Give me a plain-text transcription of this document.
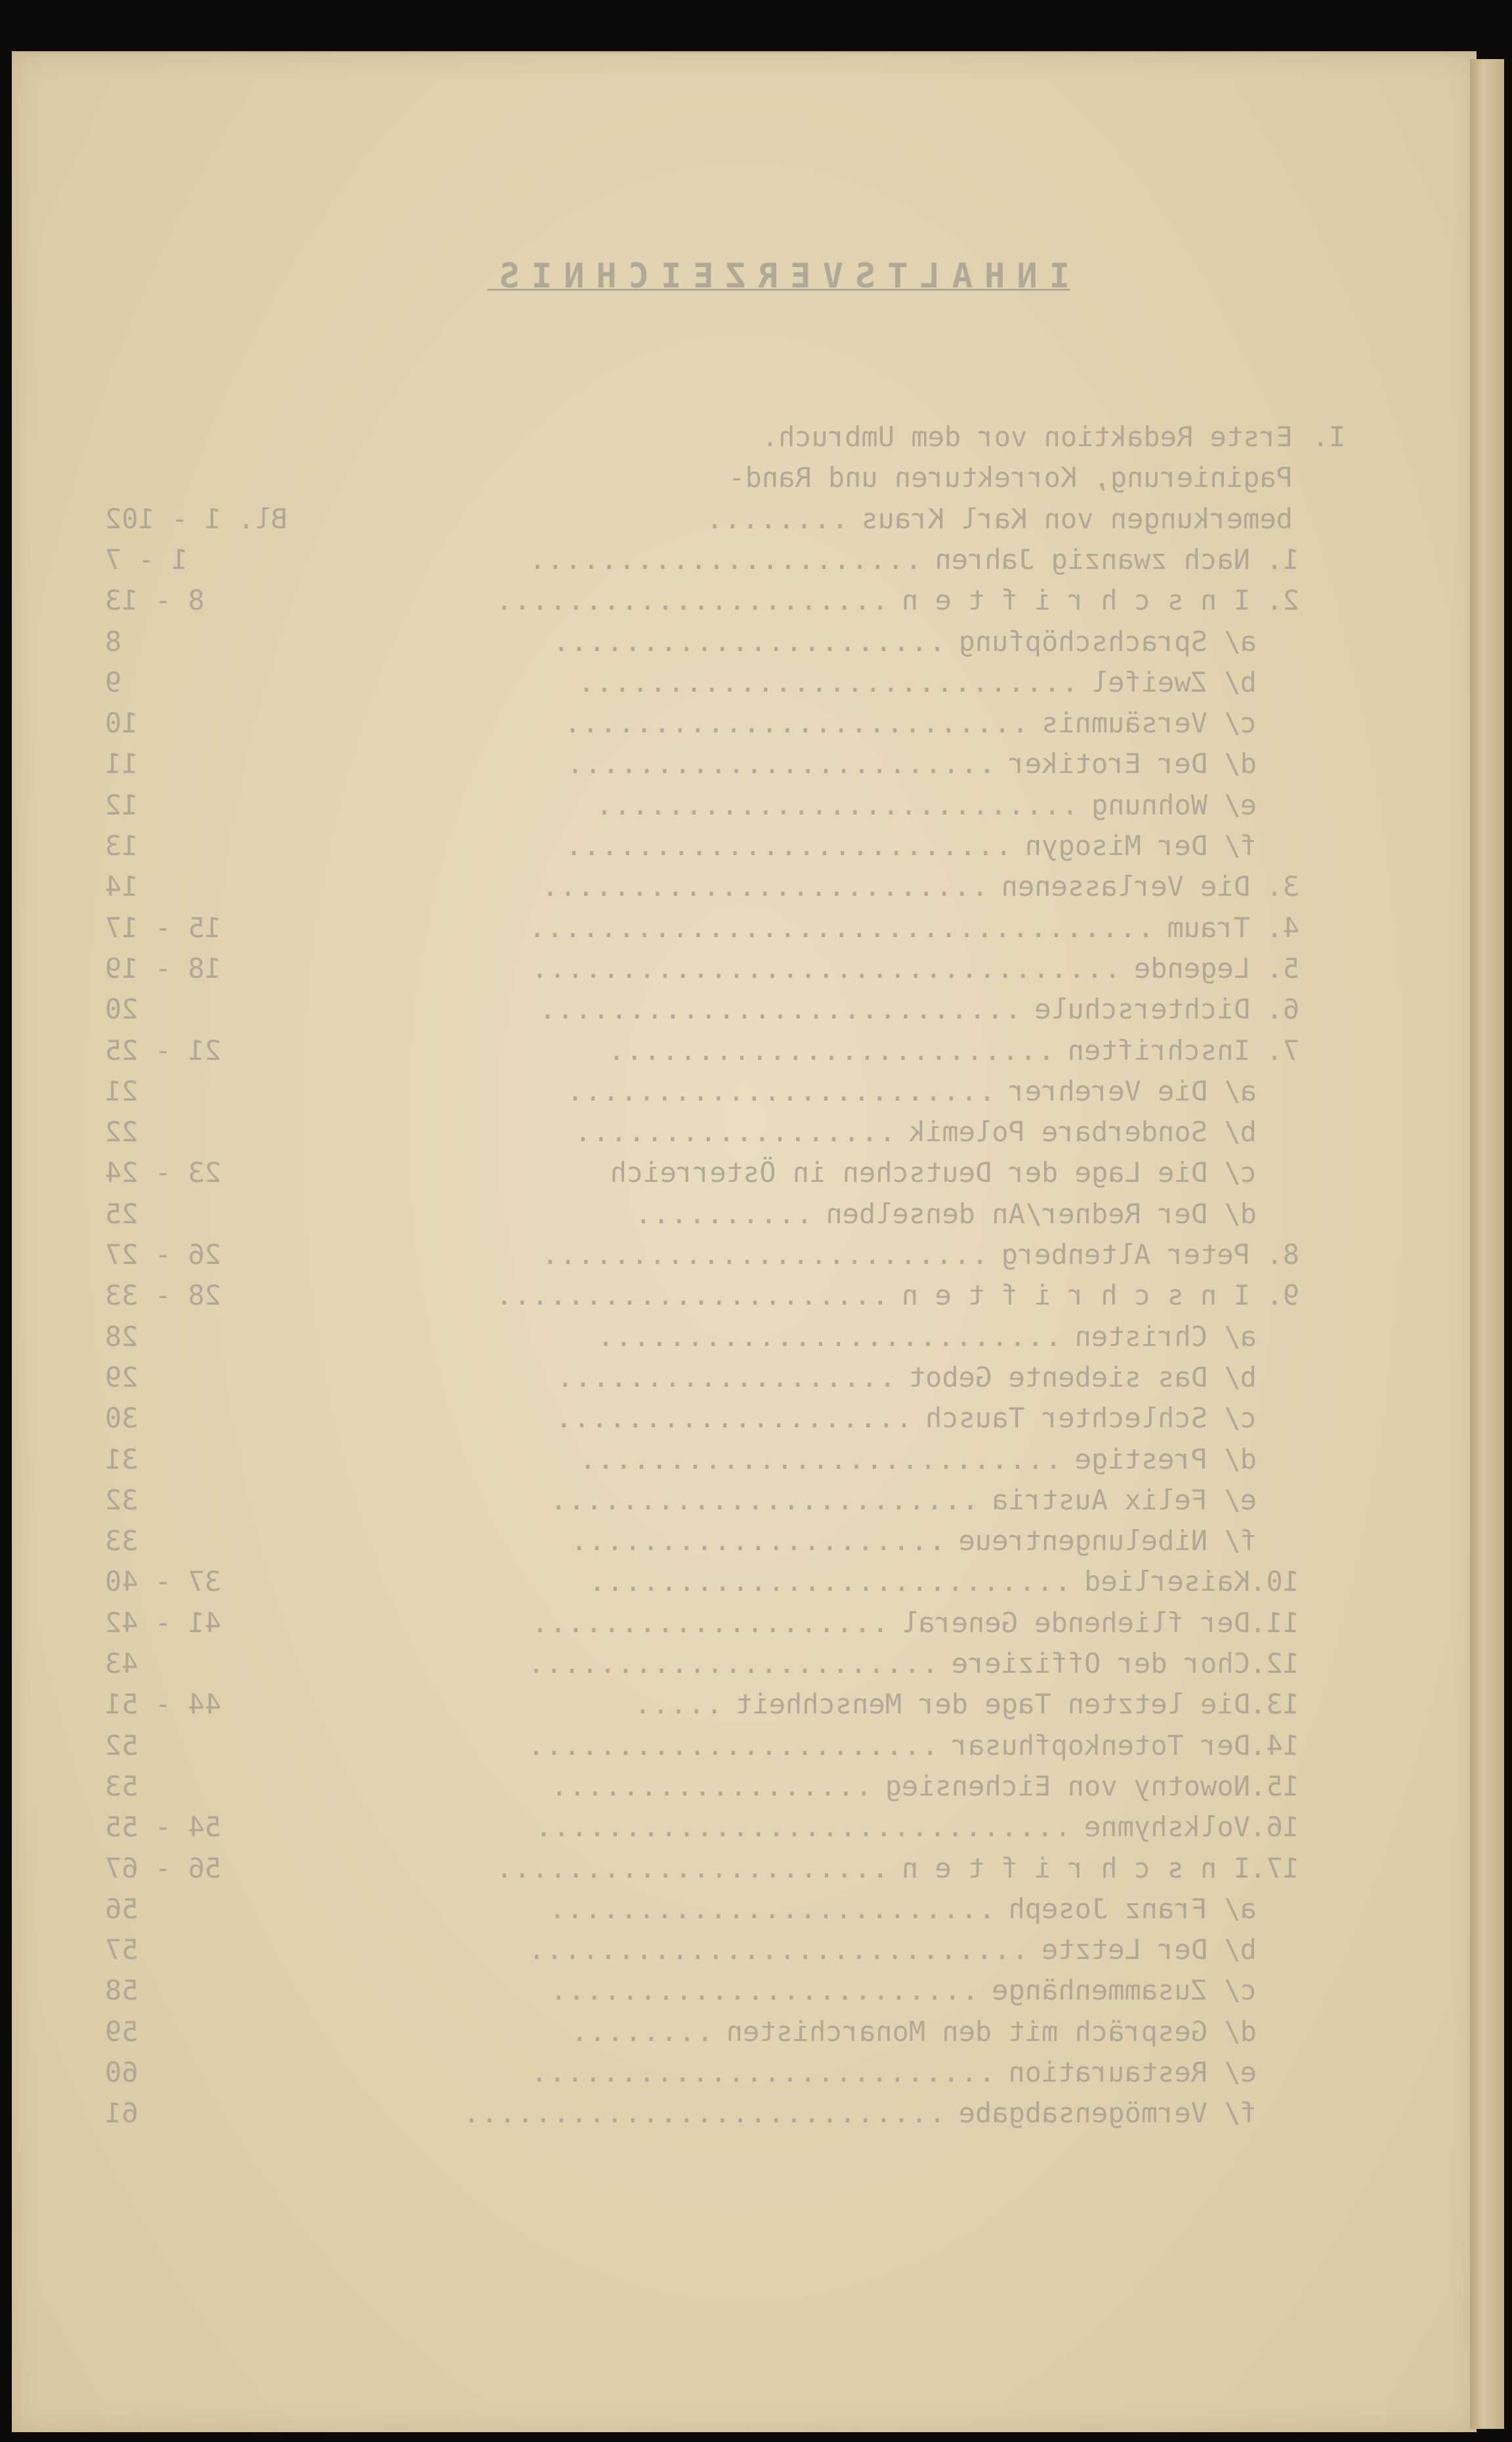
INHALTSVERZEICHNIS
I.
Erste Redaktion vor dem Umbruch.
Paginierung, Korrekturen und Rand-
bemerkungen von Karl Kraus
........
Bl. 1 - 102
1.
Nach zwanzig Jahren
......................
1 - 7
2.
I n s c h r i f t e n
......................
8 - 13
a/
Sprachschöpfung
......................
8
b/
Zweifel
............................
9
c/
Versäumnis
..........................
10
d/
Der Erotiker
........................
11
e/
Wohnung
...........................
12
f/
Der Misogyn
.........................
13
3.
Die Verlassenen
.........................
14
4.
Traum
...................................
15 - 17
5.
Legende
.................................
18 - 19
6.
Dichterschule
...........................
20
7.
Inschriften
.........................
21 - 25
a/
Die Verehrer
........................
21
b/
Sonderbare Polemik
..................
22
c/
Die Lage der Deutschen in Österreich
23 - 24
d/
Der Redner/An denselben
..........
25
8.
Peter Altenberg
.........................
26 - 27
9.
I n s c h r i f t e n
......................
28 - 33
a/
Christen
..........................
28
b/
Das siebente Gebot
...................
29
c/
Schlechter Tausch
....................
30
d/
Prestige
...........................
31
e/
Felix Austria
........................
32
f/
Nibelungentreue
.....................
33
10.
Kaiserlied
...........................
37 - 40
11.
Der fliehende General
....................
41 - 42
12.
Chor der Offiziere
.......................
43
13.
Die letzten Tage der Menschheit
.....
44 - 51
14.
Der Totenkopfhusar
.......................
52
15.
Nowotny von Eichensieg
..................
53
16.
Volkshymne
..............................
54 - 55
17.
I n s c h r i f t e n
......................
56 - 67
a/
Franz Joseph
.........................
56
b/
Der Letzte
............................
57
c/
Zusammenhänge
........................
58
d/
Gespräch mit den Monarchisten
........
59
e/
Restauration
..........................
60
f/
Vermögensabgabe
...........................
61
